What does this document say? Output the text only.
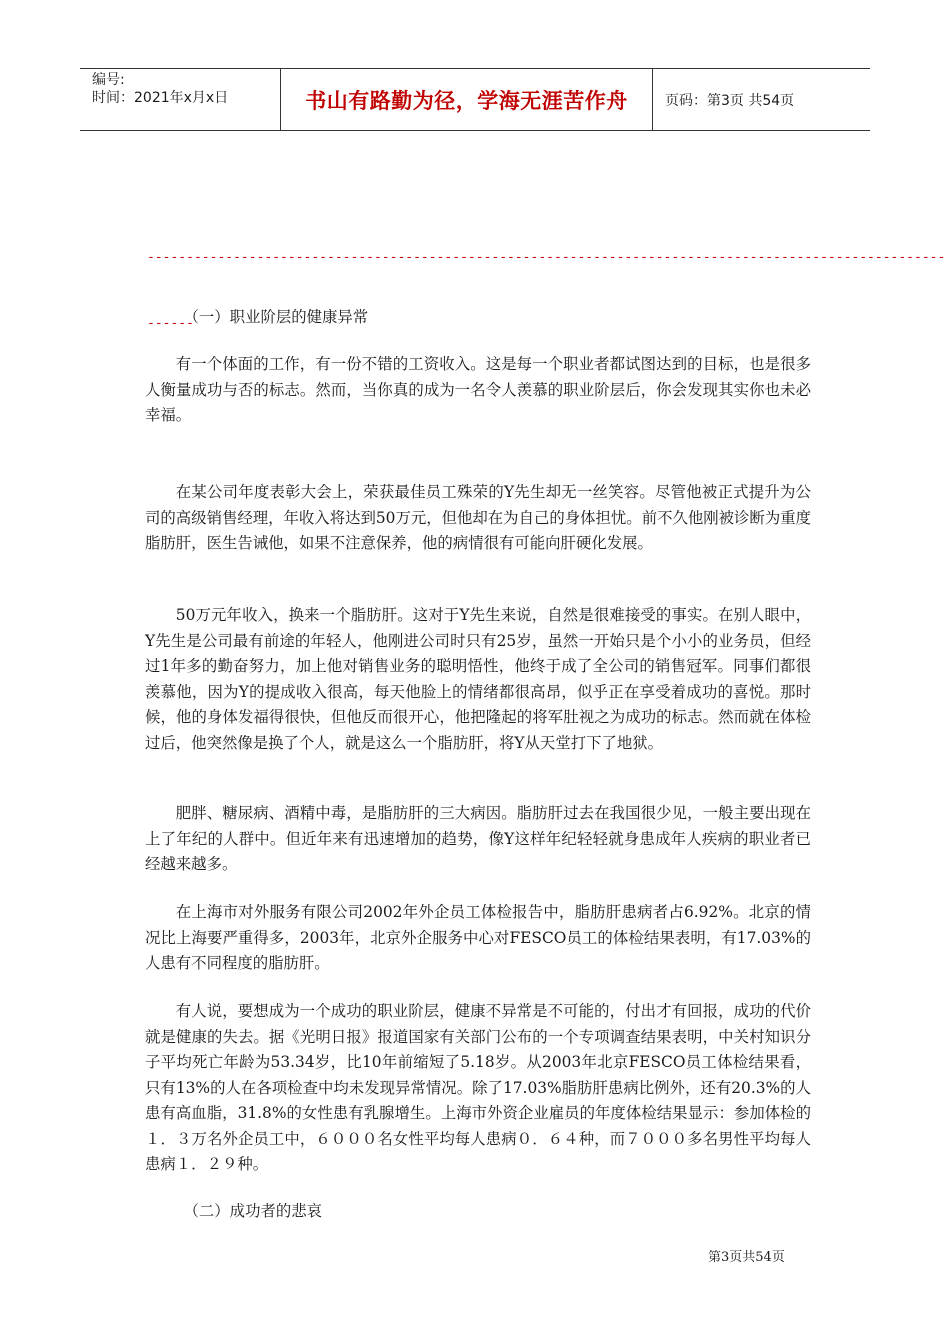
编号:
时间：2021年x月x日	书山有路勤为径，学海无涯苦作舟	页码：第3页 共54页

------------------------------------------------------------------------------------------------------

------

（一）职业阶层的健康异常

有一个体面的工作，有一份不错的工资收入。这是每一个职业者都试图达到的目标，也是很多人衡量成功与否的标志。然而，当你真的成为一名令人羡慕的职业阶层后，你会发现其实你也未必幸福。

在某公司年度表彰大会上，荣获最佳员工殊荣的Y先生却无一丝笑容。尽管他被正式提升为公司的高级销售经理，年收入将达到50万元，但他却在为自己的身体担忧。前不久他刚被诊断为重度脂肪肝，医生告诫他，如果不注意保养，他的病情很有可能向肝硬化发展。

50万元年收入，换来一个脂肪肝。这对于Y先生来说，自然是很难接受的事实。在别人眼中，Y先生是公司最有前途的年轻人，他刚进公司时只有25岁，虽然一开始只是个小小的业务员，但经过1年多的勤奋努力，加上他对销售业务的聪明悟性，他终于成了全公司的销售冠军。同事们都很羡慕他，因为Y的提成收入很高，每天他脸上的情绪都很高昂，似乎正在享受着成功的喜悦。那时候，他的身体发福得很快，但他反而很开心，他把隆起的将军肚视之为成功的标志。然而就在体检过后，他突然像是换了个人，就是这么一个脂肪肝，将Y从天堂打下了地狱。

肥胖、糖尿病、酒精中毒，是脂肪肝的三大病因。脂肪肝过去在我国很少见，一般主要出现在上了年纪的人群中。但近年来有迅速增加的趋势，像Y这样年纪轻轻就身患成年人疾病的职业者已经越来越多。

在上海市对外服务有限公司2002年外企员工体检报告中，脂肪肝患病者占6.92%。北京的情况比上海要严重得多，2003年，北京外企服务中心对FESCO员工的体检结果表明，有17.03%的人患有不同程度的脂肪肝。

有人说，要想成为一个成功的职业阶层，健康不异常是不可能的，付出才有回报，成功的代价就是健康的失去。据《光明日报》报道国家有关部门公布的一个专项调查结果表明，中关村知识分子平均死亡年龄为53.34岁，比10年前缩短了5.18岁。从2003年北京FESCO员工体检结果看，只有13%的人在各项检查中均未发现异常情况。除了17.03%脂肪肝患病比例外，还有20.3%的人患有高血脂，31.8%的女性患有乳腺增生。上海市外资企业雇员的年度体检结果显示：参加体检的１．３万名外企员工中，６０００名女性平均每人患病０．６４种，而７０００多名男性平均每人患病１．２９种。

（二）成功者的悲哀

第3页共54页
